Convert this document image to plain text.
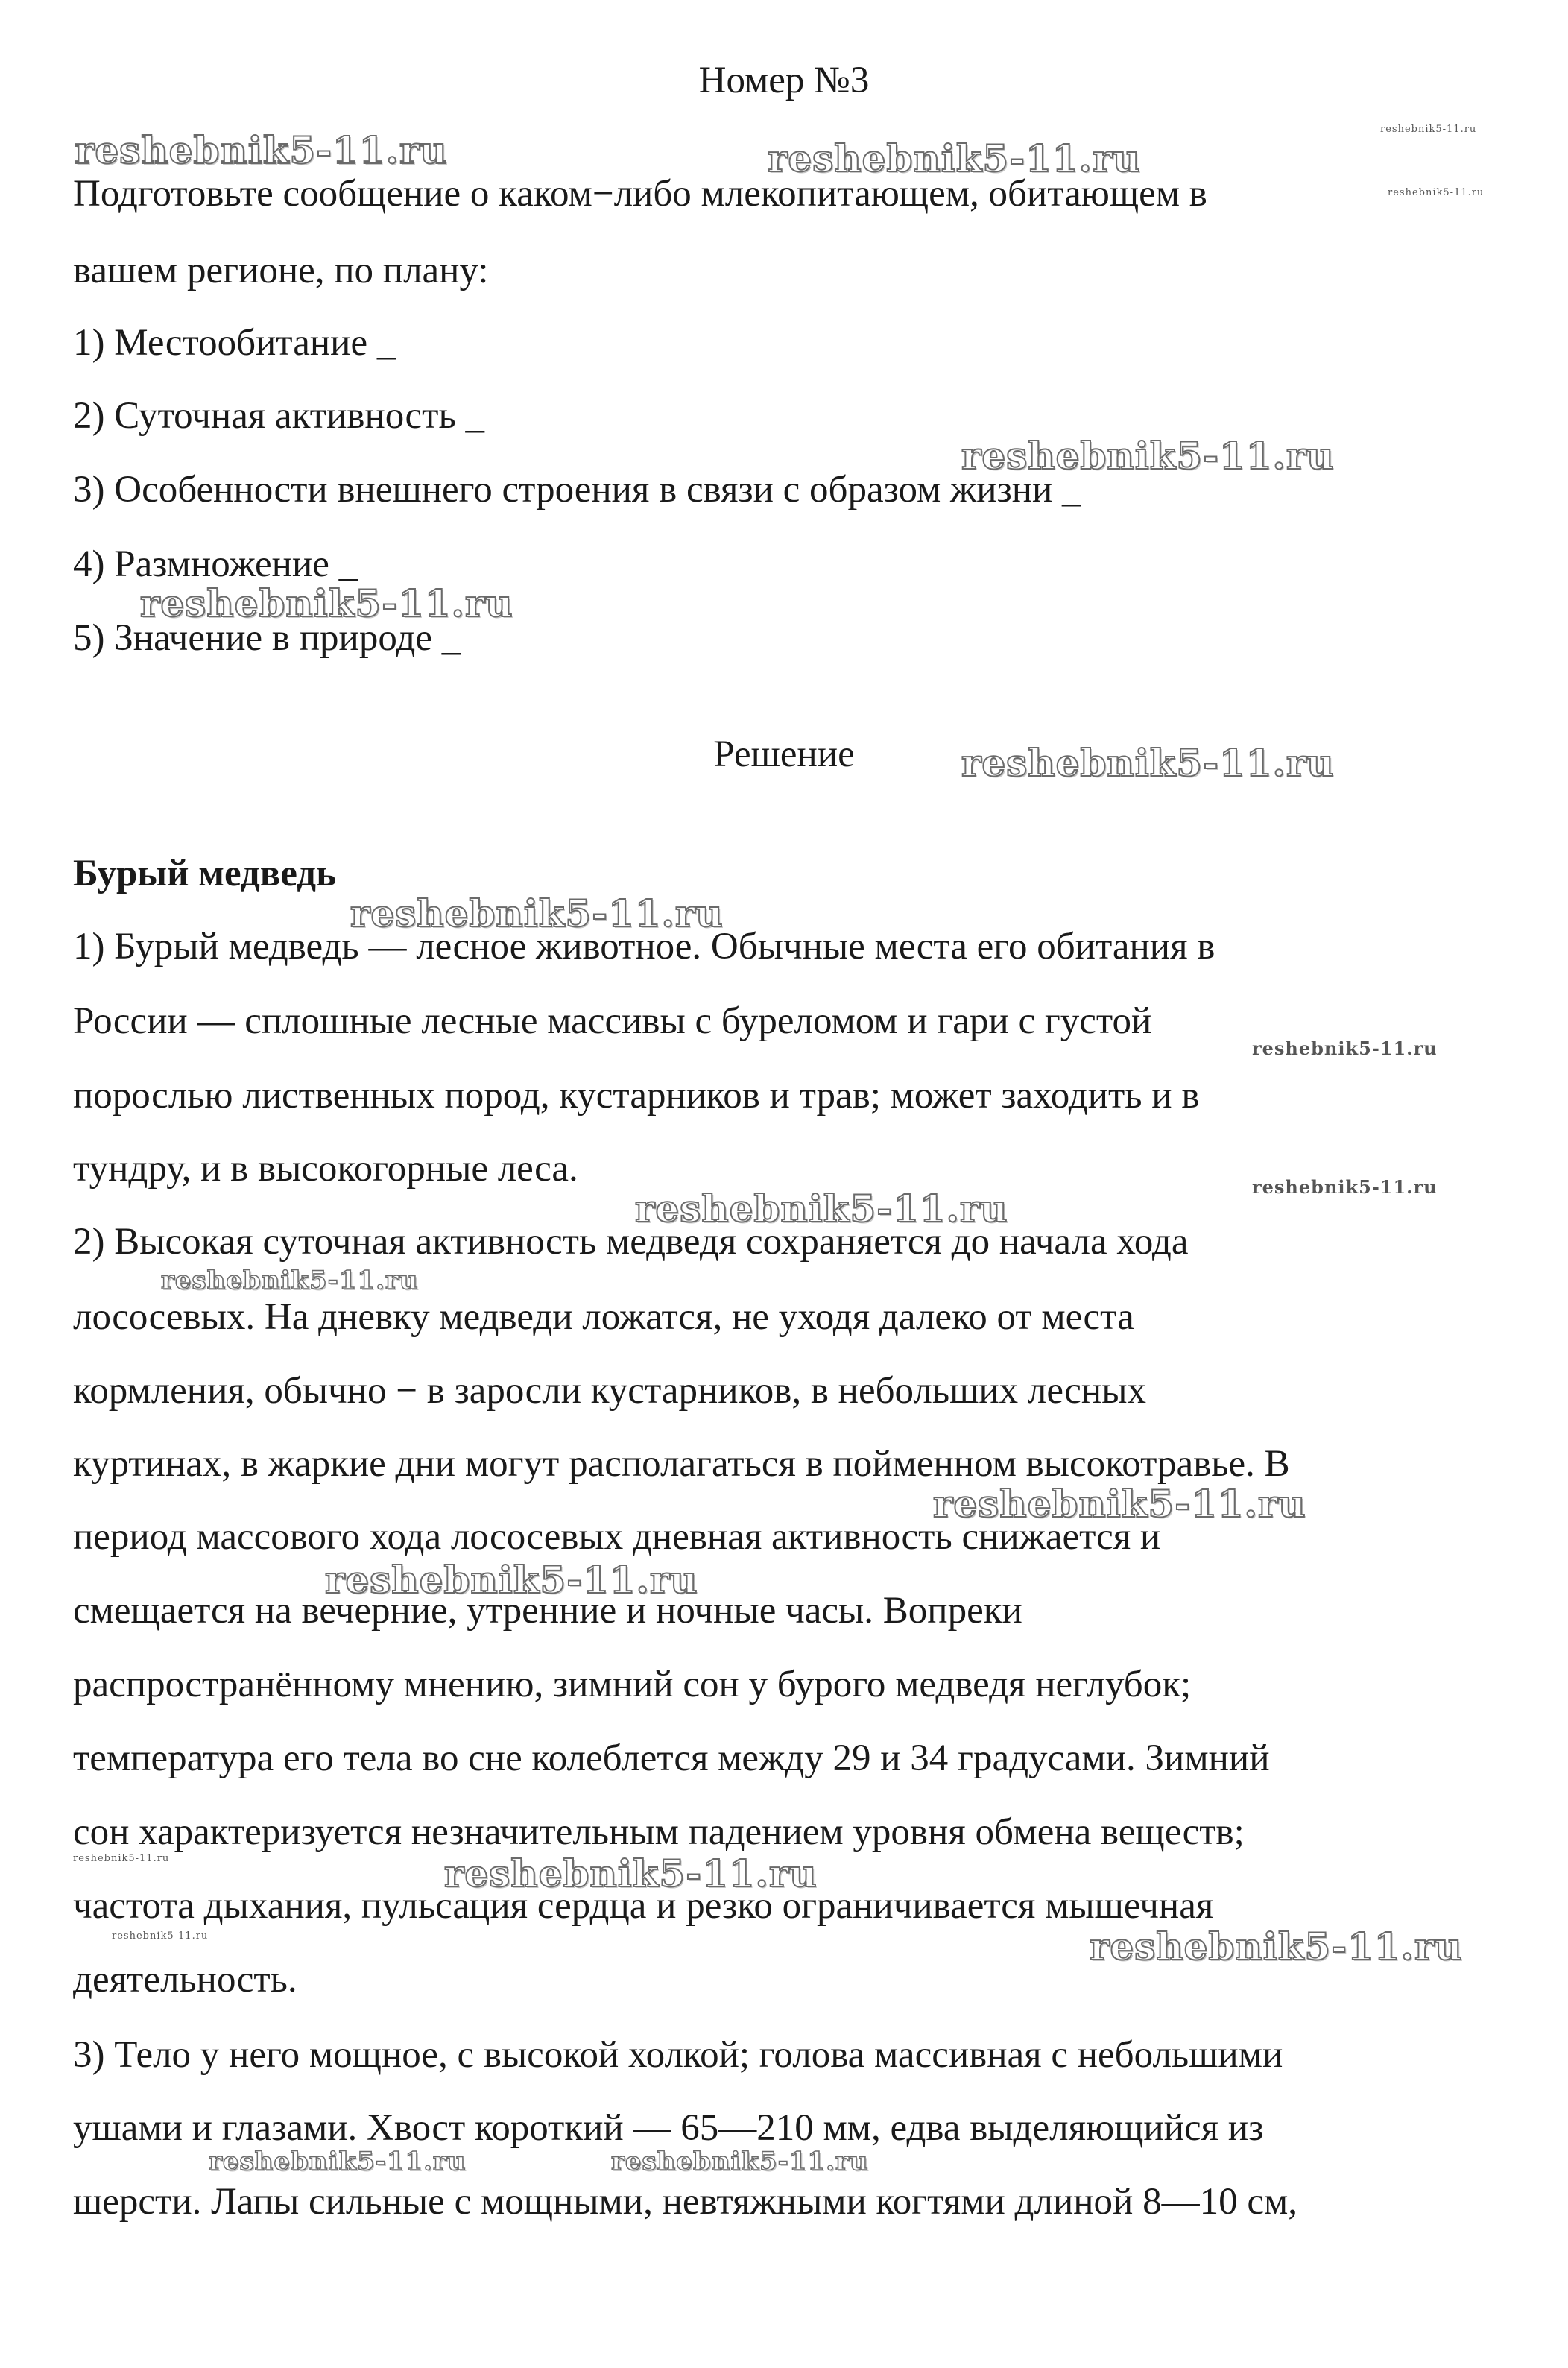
Номер №3
Подготовьте сообщение о каком−либо млекопитающем, обитающем в
вашем регионе, по плану:
1) Местообитание _
2) Суточная активность _
3) Особенности внешнего строения в связи с образом жизни _
4) Размножение _
5) Значение в природе _
Решение
Бурый медведь
1) Бурый медведь — лесное животное. Обычные места его обитания в
России — сплошные лесные массивы с буреломом и гари с густой
порослью лиственных пород, кустарников и трав; может заходить и в
тундру, и в высокогорные леса.
2) Высокая суточная активность медведя сохраняется до начала хода
лососевых. На дневку медведи ложатся, не уходя далеко от места
кормления, обычно − в заросли кустарников, в небольших лесных
куртинах, в жаркие дни могут располагаться в пойменном высокотравье. В
период массового хода лососевых дневная активность снижается и
смещается на вечерние, утренние и ночные часы. Вопреки
распространённому мнению, зимний сон у бурого медведя неглубок;
температура его тела во сне колеблется между 29 и 34 градусами. Зимний
сон характеризуется незначительным падением уровня обмена веществ;
частота дыхания, пульсация сердца и резко ограничивается мышечная
деятельность.
3) Тело у него мощное, с высокой холкой; голова массивная с небольшими
ушами и глазами. Хвост короткий — 65—210 мм, едва выделяющийся из
шерсти. Лапы сильные с мощными, невтяжными когтями длиной 8—10 см,
reshebnik5-11.ru	reshebnik5-11.ru
reshebnik5-11.ru
reshebnik5-11.ru
reshebnik5-11.ru
reshebnik5-11.ru
reshebnik5-11.ru
reshebnik5-11.ru
reshebnik5-11.ru
reshebnik5-11.ru
reshebnik5-11.ru
reshebnik5-11.ru
reshebnik5-11.ru
reshebnik5-11.ru
reshebnik5-11.ru	reshebnik5-11.ru
reshebnik5-11.ru	reshebnik5-11.ru
reshebnik5-11.ru	reshebnik5-11.ru
